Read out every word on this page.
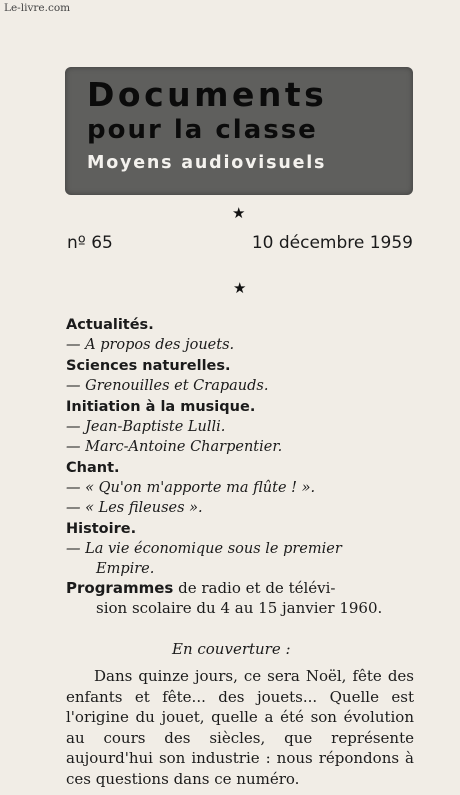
Le-livre.com
Documents
pour la classe
Moyens audiovisuels
★
nº 65	10 décembre 1959
★
Actualités.
— A propos des jouets.
Sciences naturelles.
— Grenouilles et Crapauds.
Initiation à la musique.
— Jean-Baptiste Lulli.
— Marc-Antoine Charpentier.
Chant.
— « Qu'on m'apporte ma flûte ! ».
— « Les fileuses ».
Histoire.
— La vie économique sous le premier
Empire.
Programmes de radio et de télévi-
sion scolaire du 4 au 15 janvier 1960.
En couverture :
Dans quinze jours, ce sera Noël, fête des enfants et fête... des jouets... Quelle est l'origine du jouet, quelle a été son évolution au cours des siècles, que représente aujourd'hui son industrie : nous répondons à ces questions dans ce numéro.
